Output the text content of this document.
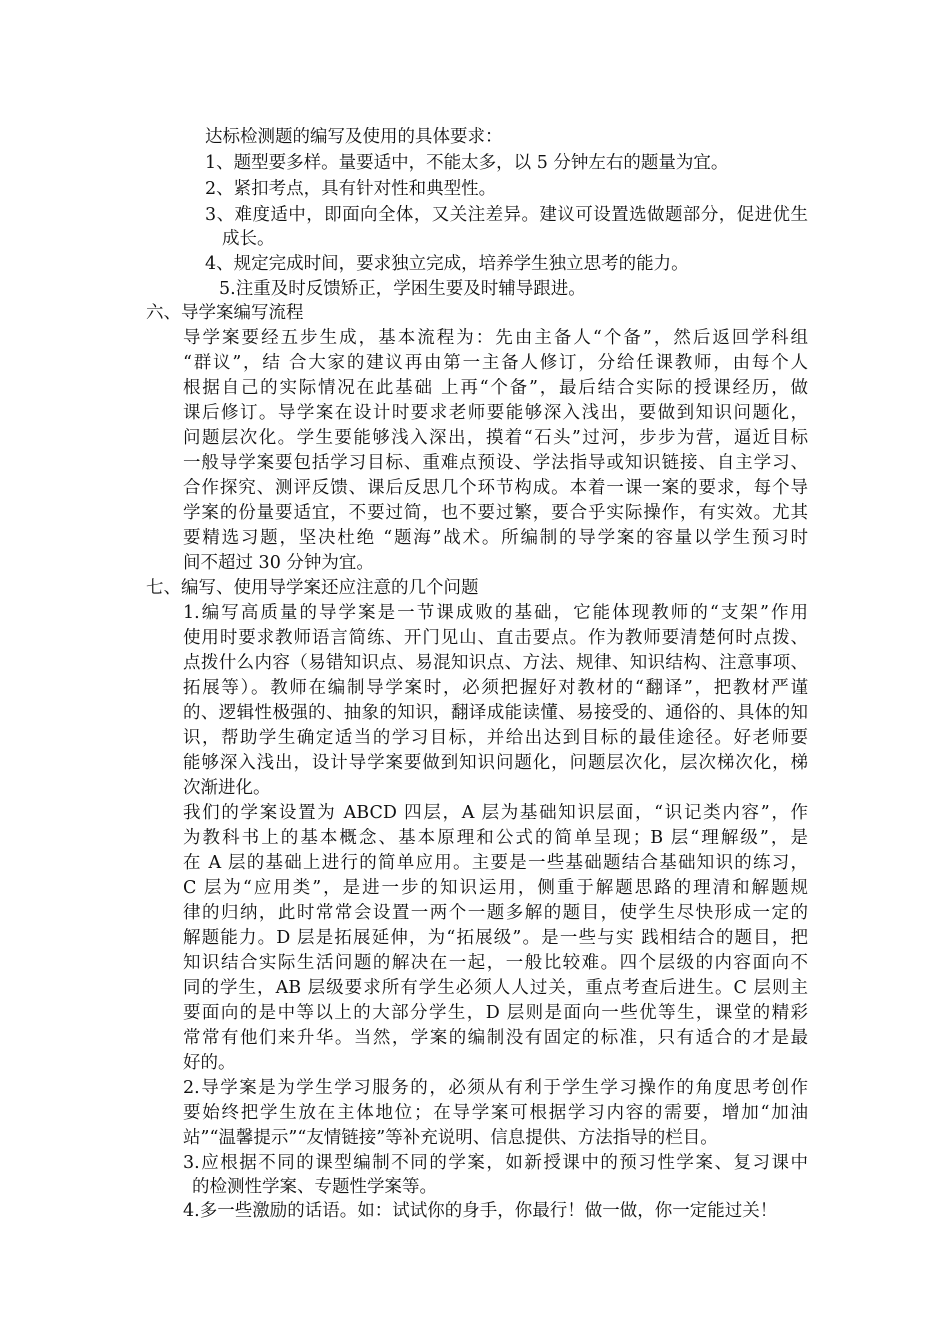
达标检测题的编写及使用的具体要求：

1、题型要多样。量要适中，不能太多，以 5 分钟左右的题量为宜。

2、紧扣考点，具有针对性和典型性。

3、难度适中，即面向全体，又关注差异。建议可设置选做题部分，促进优生

成长。

4、规定完成时间，要求独立完成，培养学生独立思考的能力。

5.注重及时反馈矫正，学困生要及时辅导跟进。

六、导学案编写流程

导学案要经五步生成，基本流程为：先由主备人“个备”，然后返回学科组

“群议”，结 合大家的建议再由第一主备人修订，分给任课教师，由每个人

根据自己的实际情况在此基础 上再“个备”，最后结合实际的授课经历，做

课后修订。导学案在设计时要求老师要能够深入浅出，要做到知识问题化，

问题层次化。学生要能够浅入深出，摸着“石头”过河，步步为营，逼近目标

一般导学案要包括学习目标、重难点预设、学法指导或知识链接、自主学习、

合作探究、测评反馈、课后反思几个环节构成。本着一课一案的要求，每个导

学案的份量要适宜，不要过简，也不要过繁，要合乎实际操作，有实效。尤其

要精选习题，坚决杜绝 “题海”战术。所编制的导学案的容量以学生预习时

间不超过 30 分钟为宜。

七、编写、使用导学案还应注意的几个问题

1.编写高质量的导学案是一节课成败的基础，它能体现教师的“支架”作用

使用时要求教师语言简练、开门见山、直击要点。作为教师要清楚何时点拨、

点拨什么内容（易错知识点、易混知识点、方法、规律、知识结构、注意事项、

拓展等）。教师在编制导学案时，必须把握好对教材的“翻译”，把教材严谨

的、逻辑性极强的、抽象的知识，翻译成能读懂、易接受的、通俗的、具体的知

识，帮助学生确定适当的学习目标，并给出达到目标的最佳途径。好老师要

能够深入浅出，设计导学案要做到知识问题化，问题层次化，层次梯次化，梯

次渐进化。

我们的学案设置为 ABCD 四层，A 层为基础知识层面，“识记类内容”，作

为教科书上的基本概念、基本原理和公式的简单呈现；B 层“理解级”，是

在 A 层的基础上进行的简单应用。主要是一些基础题结合基础知识的练习，

C 层为“应用类”，是进一步的知识运用，侧重于解题思路的理清和解题规

律的归纳，此时常常会设置一两个一题多解的题目，使学生尽快形成一定的

解题能力。D 层是拓展延伸，为“拓展级”。是一些与实 践相结合的题目，把

知识结合实际生活问题的解决在一起，一般比较难。四个层级的内容面向不

同的学生，AB 层级要求所有学生必须人人过关，重点考查后进生。C 层则主

要面向的是中等以上的大部分学生，D 层则是面向一些优等生，课堂的精彩

常常有他们来升华。当然，学案的编制没有固定的标准，只有适合的才是最

好的。

2.导学案是为学生学习服务的，必须从有利于学生学习操作的角度思考创作

要始终把学生放在主体地位；在导学案可根据学习内容的需要，增加“加油

站”“温馨提示”“友情链接”等补充说明、信息提供、方法指导的栏目。

3.应根据不同的课型编制不同的学案，如新授课中的预习性学案、复习课中

的检测性学案、专题性学案等。

4.多一些激励的话语。如：试试你的身手，你最行！做一做，你一定能过关！
